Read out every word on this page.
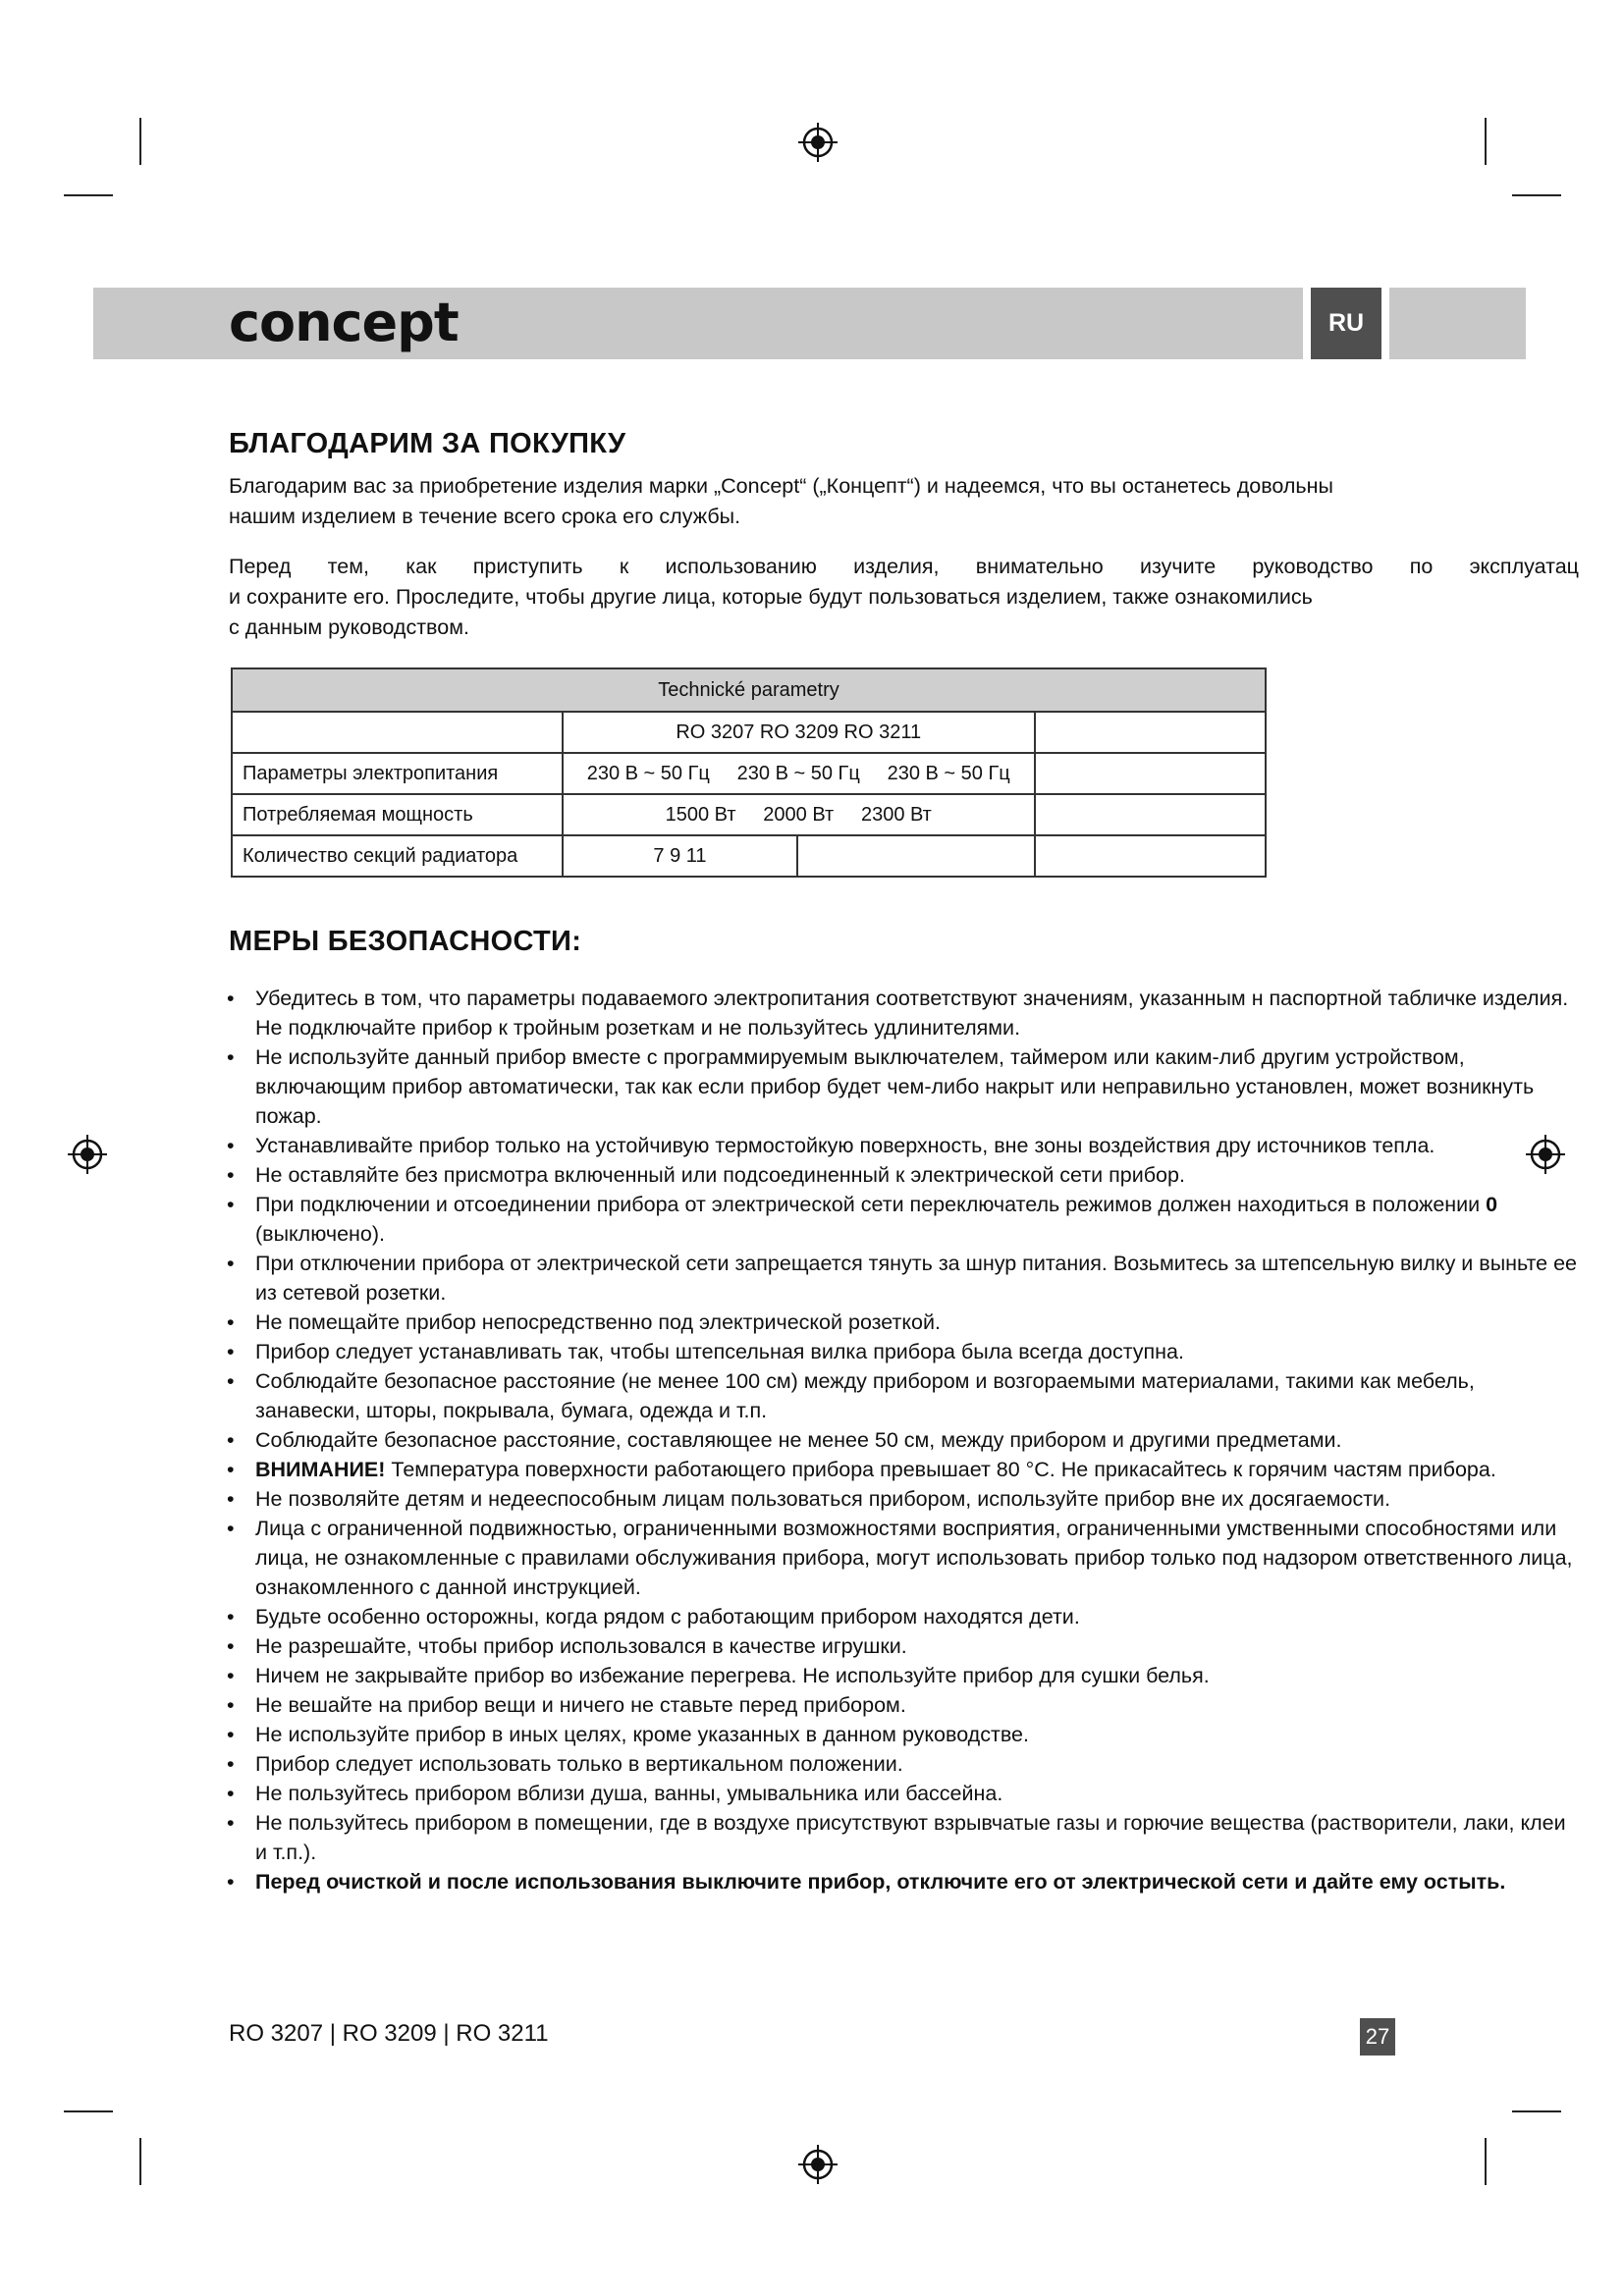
concept	RU
БЛАГОДАРИМ ЗА ПОКУПКУ
Благодарим вас за приобретение изделия марки „Concept“ („Концепт“) и надеемся, что вы останетесь довольны
нашим изделием в течение всего срока его службы.
Перед тем, как приступить к использованию изделия, внимательно изучите руководство по эксплуатац
и сохраните его. Проследите, чтобы другие лица, которые будут пользоваться изделием, также ознакомились
с данным руководством.
Technické parametry			
	RO 3207 RO 3209 RO 3211		
Параметры электропитания	230 В ~ 50 Гц     230 В ~ 50 Гц     230 В ~ 50 Гц		
Потребляемая мощность	1500 Вт     2000 Вт     2300 Вт		
Количество секций радиатора	7 9 11		
МЕРЫ БЕЗОПАСНОСТИ:
• Убедитесь в том, что параметры подаваемого электропитания соответствуют значениям, указанным н паспортной табличке изделия. Не подключайте прибор к тройным розеткам и не пользуйтесь удлинителями.
• Не используйте данный прибор вместе с программируемым выключателем, таймером или каким-либ другим устройством, включающим прибор автоматически, так как если прибор будет чем-либо накрыт или неправильно установлен, может возникнуть пожар.
• Устанавливайте прибор только на устойчивую термостойкую поверхность, вне зоны воздействия дру источников тепла.
• Не оставляйте без присмотра включенный или подсоединенный к электрической сети прибор.
• При подключении и отсоединении прибора от электрической сети переключатель режимов должен находиться в положении 0 (выключено).
• При отключении прибора от электрической сети запрещается тянуть за шнур питания. Возьмитесь за штепсельную вилку и выньте ее из сетевой розетки.
• Не помещайте прибор непосредственно под электрической розеткой.
• Прибор следует устанавливать так, чтобы штепсельная вилка прибора была всегда доступна.
• Соблюдайте безопасное расстояние (не менее 100 см) между прибором и возгораемыми материалами, такими как мебель, занавески, шторы, покрывала, бумага, одежда и т.п.
• Соблюдайте безопасное расстояние, составляющее не менее 50 см, между прибором и другими предметами.
• ВНИМАНИЕ! Температура поверхности работающего прибора превышает 80 °C. Не прикасайтесь к горячим частям прибора.
• Не позволяйте детям и недееспособным лицам пользоваться прибором, используйте прибор вне их досягаемости.
• Лица с ограниченной подвижностью, ограниченными возможностями восприятия, ограниченными умственными способностями или лица, не ознакомленные с правилами обслуживания прибора, могут использовать прибор только под надзором ответственного лица, ознакомленного с данной инструкцией.
• Будьте особенно осторожны, когда рядом с работающим прибором находятся дети.
• Не разрешайте, чтобы прибор использовался в качестве игрушки.
• Ничем не закрывайте прибор во избежание перегрева. Не используйте прибор для сушки белья.
• Не вешайте на прибор вещи и ничего не ставьте перед прибором.
• Не используйте прибор в иных целях, кроме указанных в данном руководстве.
• Прибор следует использовать только в вертикальном положении.
• Не пользуйтесь прибором вблизи душа, ванны, умывальника или бассейна.
• Не пользуйтесь прибором в помещении, где в воздухе присутствуют взрывчатые газы и горючие вещества (растворители, лаки, клеи и т.п.).
• Перед очисткой и после использования выключите прибор, отключите его от электрической сети и дайте ему остыть.
RO 3207 | RO 3209 | RO 3211	27
